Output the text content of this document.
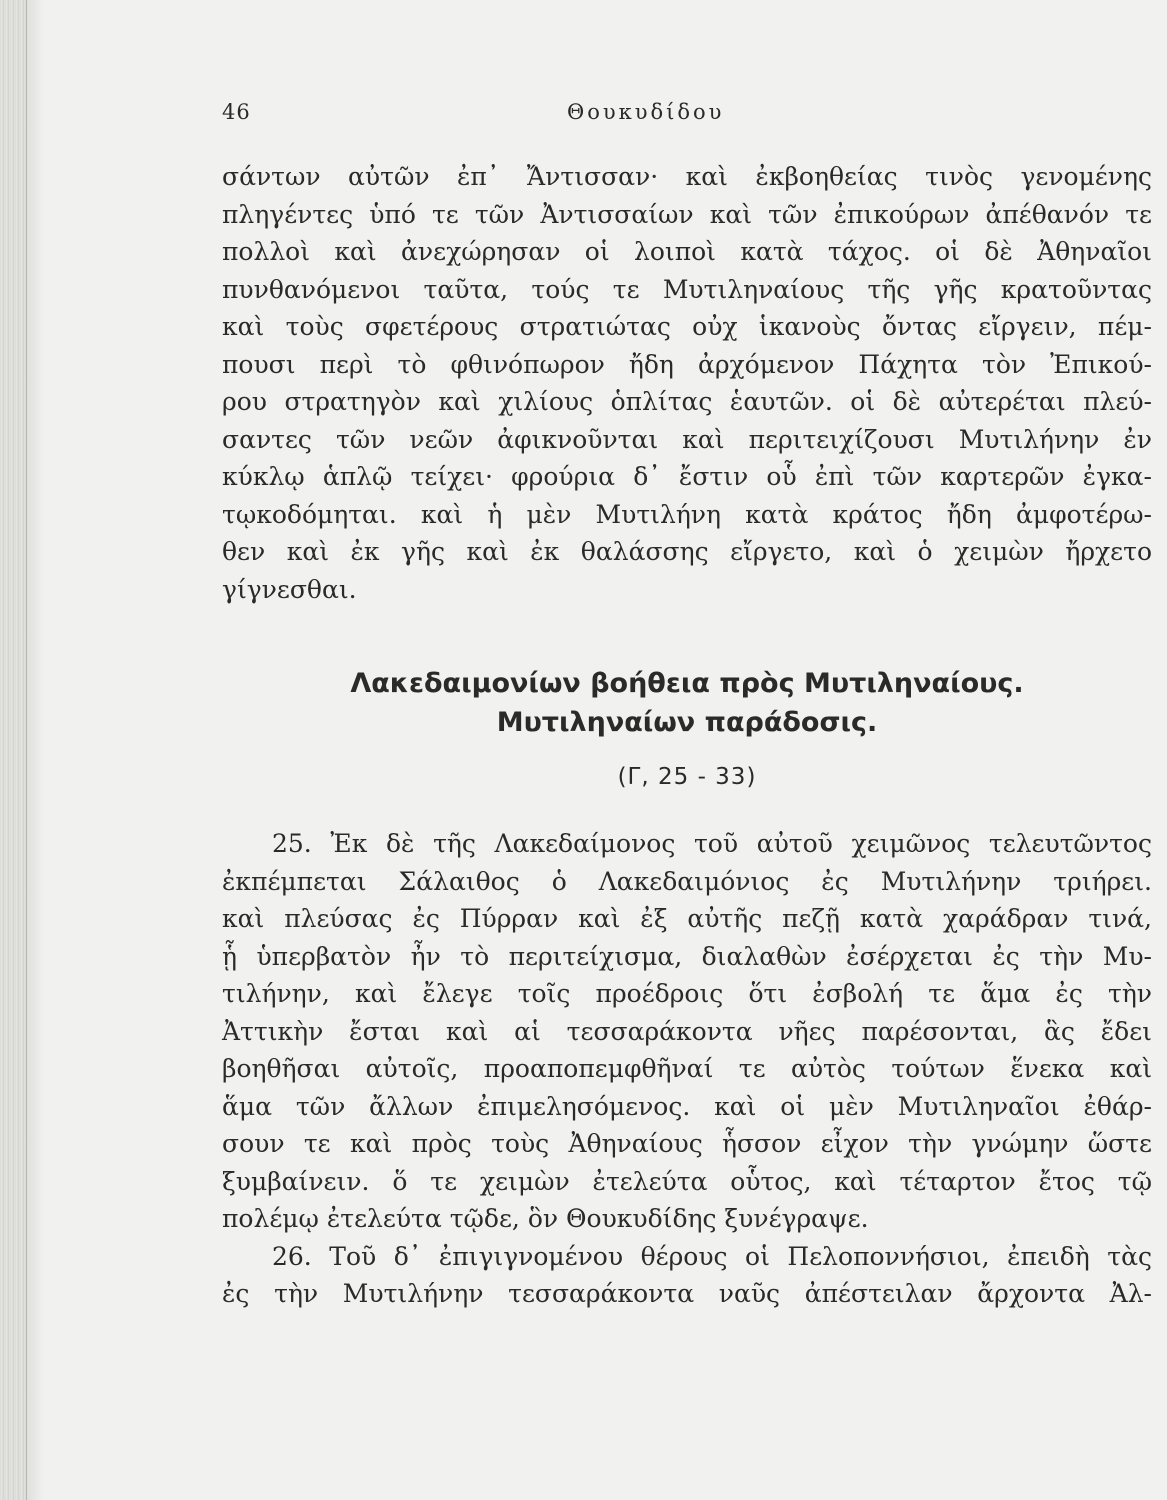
46	Θουκυδίδου
σάντων αὐτῶν ἐπ᾽ Ἄντισσαν· καὶ ἐκβοηθείας τινὸς γενομένης
πληγέντες ὑπό τε τῶν Ἀντισσαίων καὶ τῶν ἐπικούρων ἀπέθανόν τε
πολλοὶ καὶ ἀνεχώρησαν οἱ λοιποὶ κατὰ τάχος. οἱ δὲ Ἀθηναῖοι
πυνθανόμενοι ταῦτα, τούς τε Μυτιληναίους τῆς γῆς κρατοῦντας
καὶ τοὺς σφετέρους στρατιώτας οὐχ ἱκανοὺς ὄντας εἴργειν, πέμ-
πουσι περὶ τὸ φθινόπωρον ἤδη ἀρχόμενον Πάχητα τὸν Ἐπικού-
ρου στρατηγὸν καὶ χιλίους ὁπλίτας ἑαυτῶν. οἱ δὲ αὐτερέται πλεύ-
σαντες τῶν νεῶν ἀφικνοῦνται καὶ περιτειχίζουσι Μυτιλήνην ἐν
κύκλῳ ἁπλῷ τείχει· φρούρια δ᾽ ἔστιν οὗ ἐπὶ τῶν καρτερῶν ἐγκα-
τῳκοδόμηται. καὶ ἡ μὲν Μυτιλήνη κατὰ κράτος ἤδη ἀμφοτέρω-
θεν καὶ ἐκ γῆς καὶ ἐκ θαλάσσης εἴργετο, καὶ ὁ χειμὼν ἤρχετο
γίγνεσθαι.
Λακεδαιμονίων βοήθεια πρὸς Μυτιληναίους.
Μυτιληναίων παράδοσις.
(Γ, 25 - 33)
25. Ἐκ δὲ τῆς Λακεδαίμονος τοῦ αὐτοῦ χειμῶνος τελευτῶντος
ἐκπέμπεται Σάλαιθος ὁ Λακεδαιμόνιος ἐς Μυτιλήνην τριήρει.
καὶ πλεύσας ἐς Πύρραν καὶ ἐξ αὐτῆς πεζῇ κατὰ χαράδραν τινά,
ᾗ ὑπερβατὸν ἦν τὸ περιτείχισμα, διαλαθὼν ἐσέρχεται ἐς τὴν Μυ-
τιλήνην, καὶ ἔλεγε τοῖς προέδροις ὅτι ἐσβολή τε ἅμα ἐς τὴν
Ἀττικὴν ἔσται καὶ αἱ τεσσαράκοντα νῆες παρέσονται, ἃς ἔδει
βοηθῆσαι αὐτοῖς, προαποπεμφθῆναί τε αὐτὸς τούτων ἕνεκα καὶ
ἅμα τῶν ἄλλων ἐπιμελησόμενος. καὶ οἱ μὲν Μυτιληναῖοι ἐθάρ-
σουν τε καὶ πρὸς τοὺς Ἀθηναίους ἧσσον εἶχον τὴν γνώμην ὥστε
ξυμβαίνειν. ὅ τε χειμὼν ἐτελεύτα οὗτος, καὶ τέταρτον ἔτος τῷ
πολέμῳ ἐτελεύτα τῷδε, ὃν Θουκυδίδης ξυνέγραψε.
26. Τοῦ δ᾽ ἐπιγιγνομένου θέρους οἱ Πελοποννήσιοι, ἐπειδὴ τὰς
ἐς τὴν Μυτιλήνην τεσσαράκοντα ναῦς ἀπέστειλαν ἄρχοντα Ἀλ-
